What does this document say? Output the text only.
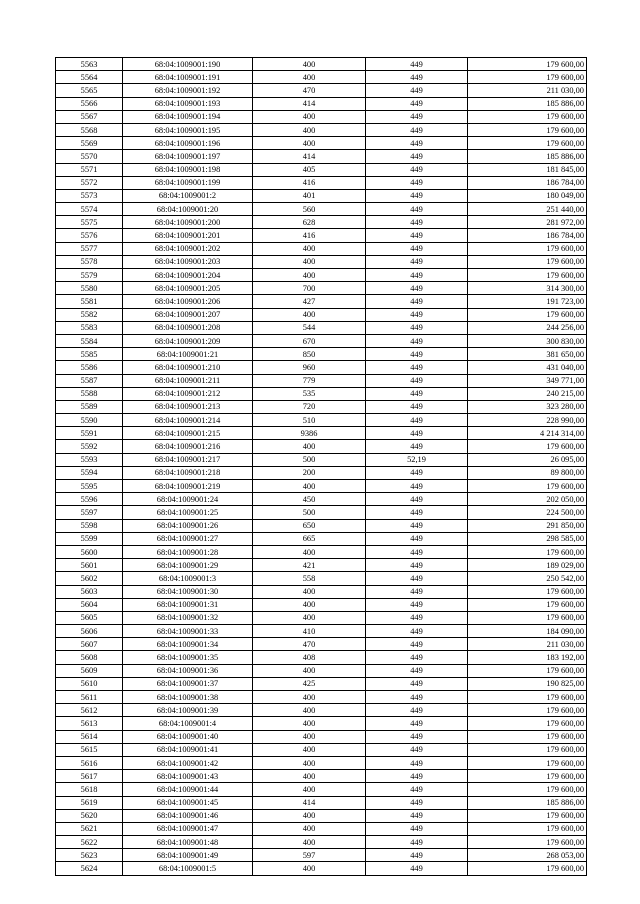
5563	68:04:1009001:190	400	449	179 600,00
5564	68:04:1009001:191	400	449	179 600,00
5565	68:04:1009001:192	470	449	211 030,00
5566	68:04:1009001:193	414	449	185 886,00
5567	68:04:1009001:194	400	449	179 600,00
5568	68:04:1009001:195	400	449	179 600,00
5569	68:04:1009001:196	400	449	179 600,00
5570	68:04:1009001:197	414	449	185 886,00
5571	68:04:1009001:198	405	449	181 845,00
5572	68:04:1009001:199	416	449	186 784,00
5573	68:04:1009001:2	401	449	180 049,00
5574	68:04:1009001:20	560	449	251 440,00
5575	68:04:1009001:200	628	449	281 972,00
5576	68:04:1009001:201	416	449	186 784,00
5577	68:04:1009001:202	400	449	179 600,00
5578	68:04:1009001:203	400	449	179 600,00
5579	68:04:1009001:204	400	449	179 600,00
5580	68:04:1009001:205	700	449	314 300,00
5581	68:04:1009001:206	427	449	191 723,00
5582	68:04:1009001:207	400	449	179 600,00
5583	68:04:1009001:208	544	449	244 256,00
5584	68:04:1009001:209	670	449	300 830,00
5585	68:04:1009001:21	850	449	381 650,00
5586	68:04:1009001:210	960	449	431 040,00
5587	68:04:1009001:211	779	449	349 771,00
5588	68:04:1009001:212	535	449	240 215,00
5589	68:04:1009001:213	720	449	323 280,00
5590	68:04:1009001:214	510	449	228 990,00
5591	68:04:1009001:215	9386	449	4 214 314,00
5592	68:04:1009001:216	400	449	179 600,00
5593	68:04:1009001:217	500	52,19	26 095,00
5594	68:04:1009001:218	200	449	89 800,00
5595	68:04:1009001:219	400	449	179 600,00
5596	68:04:1009001:24	450	449	202 050,00
5597	68:04:1009001:25	500	449	224 500,00
5598	68:04:1009001:26	650	449	291 850,00
5599	68:04:1009001:27	665	449	298 585,00
5600	68:04:1009001:28	400	449	179 600,00
5601	68:04:1009001:29	421	449	189 029,00
5602	68:04:1009001:3	558	449	250 542,00
5603	68:04:1009001:30	400	449	179 600,00
5604	68:04:1009001:31	400	449	179 600,00
5605	68:04:1009001:32	400	449	179 600,00
5606	68:04:1009001:33	410	449	184 090,00
5607	68:04:1009001:34	470	449	211 030,00
5608	68:04:1009001:35	408	449	183 192,00
5609	68:04:1009001:36	400	449	179 600,00
5610	68:04:1009001:37	425	449	190 825,00
5611	68:04:1009001:38	400	449	179 600,00
5612	68:04:1009001:39	400	449	179 600,00
5613	68:04:1009001:4	400	449	179 600,00
5614	68:04:1009001:40	400	449	179 600,00
5615	68:04:1009001:41	400	449	179 600,00
5616	68:04:1009001:42	400	449	179 600,00
5617	68:04:1009001:43	400	449	179 600,00
5618	68:04:1009001:44	400	449	179 600,00
5619	68:04:1009001:45	414	449	185 886,00
5620	68:04:1009001:46	400	449	179 600,00
5621	68:04:1009001:47	400	449	179 600,00
5622	68:04:1009001:48	400	449	179 600,00
5623	68:04:1009001:49	597	449	268 053,00
5624	68:04:1009001:5	400	449	179 600,00
